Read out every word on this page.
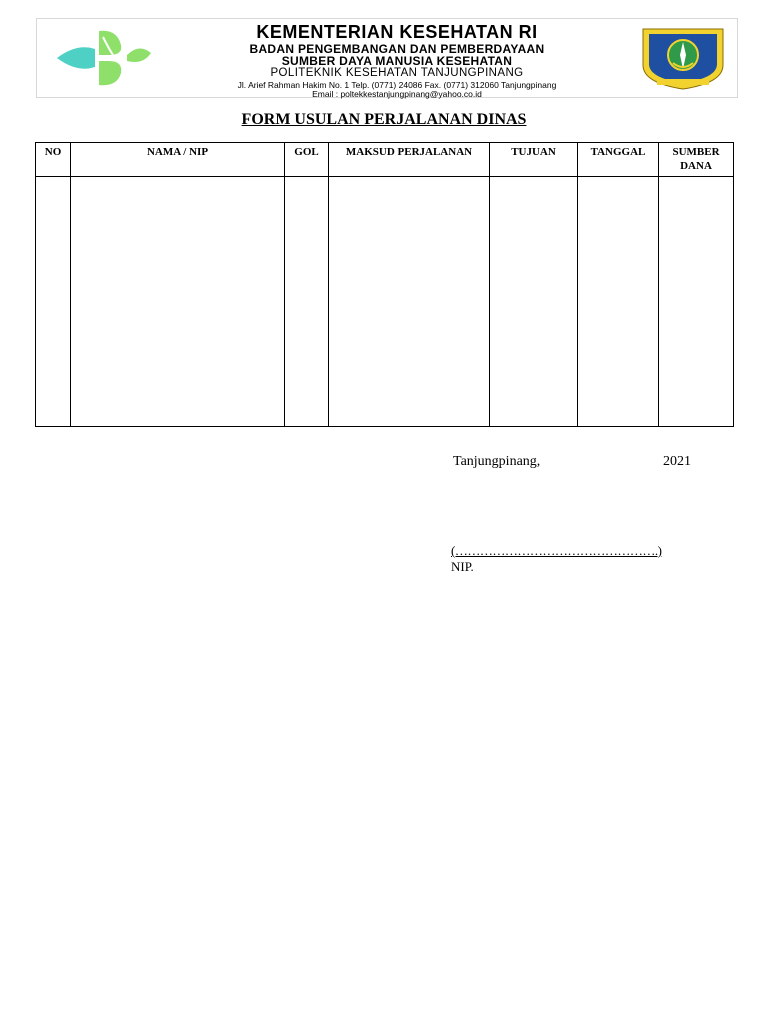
KEMENTERIAN KESEHATAN RI
BADAN PENGEMBANGAN DAN PEMBERDAYAAN
SUMBER DAYA MANUSIA KESEHATAN
POLITEKNIK KESEHATAN TANJUNGPINANG
Jl. Arief Rahman Hakim No. 1 Telp. (0771) 24086 Fax. (0771) 312060 Tanjungpinang
Email : poltekkestanjungpinang@yahoo.co.id
FORM USULAN PERJALANAN DINAS
NO	NAMA / NIP	GOL	MAKSUD PERJALANAN	TUJUAN	TANGGAL	SUMBER
DANA

Tanjungpinang,	2021
(………………………………………….)
NIP.
